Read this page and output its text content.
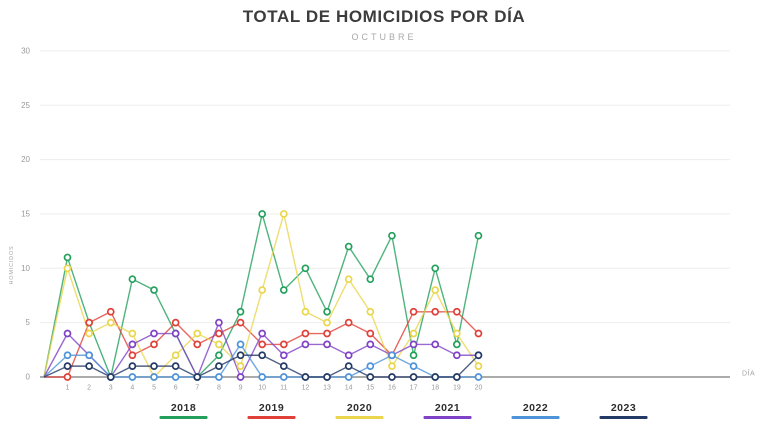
TOTAL DE HOMICIDIOS POR DÍA
OCTUBRE
0
5
10
15
20
25
30
HOMICIDOS
1	2	3	4	5	6	7	8	9 10 11 12 13 14 15 16 17 18 19 20
DÍA
2018	2019	2020	2021	2022	2023
